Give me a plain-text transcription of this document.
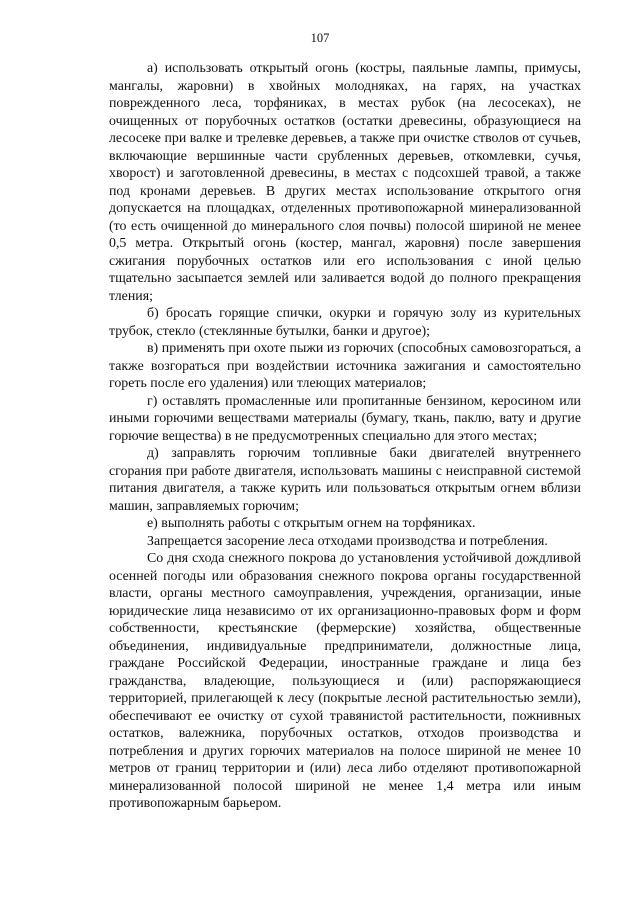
107

а) использовать открытый огонь (костры, паяльные лампы, примусы, мангалы, жаровни) в хвойных молодняках, на гарях, на участках поврежденного леса, торфяниках, в местах рубок (на лесосеках), не очищенных от порубочных остатков (остатки древесины, образующиеся на лесосеке при валке и трелевке деревьев, а также при очистке стволов от сучьев, включающие вершинные части срубленных деревьев, откомлевки, сучья, хворост) и заготовленной древесины, в местах с подсохшей травой, а также под кронами деревьев. В других местах использование открытого огня допускается на площадках, отделенных противопожарной минерализованной (то есть очищенной до минерального слоя почвы) полосой шириной не менее 0,5 метра. Открытый огонь (костер, мангал, жаровня) после завершения сжигания порубочных остатков или его использования с иной целью тщательно засыпается землей или заливается водой до полного прекращения тления;

б) бросать горящие спички, окурки и горячую золу из курительных трубок, стекло (стеклянные бутылки, банки и другое);

в) применять при охоте пыжи из горючих (способных самовозгораться, а также возгораться при воздействии источника зажигания и самостоятельно гореть после его удаления) или тлеющих материалов;

г) оставлять промасленные или пропитанные бензином, керосином или иными горючими веществами материалы (бумагу, ткань, паклю, вату и другие горючие вещества) в не предусмотренных специально для этого местах;

д) заправлять горючим топливные баки двигателей внутреннего сгорания при работе двигателя, использовать машины с неисправной системой питания двигателя, а также курить или пользоваться открытым огнем вблизи машин, заправляемых горючим;

е) выполнять работы с открытым огнем на торфяниках.

Запрещается засорение леса отходами производства и потребления.

Со дня схода снежного покрова до установления устойчивой дождливой осенней погоды или образования снежного покрова органы государственной власти, органы местного самоуправления, учреждения, организации, иные юридические лица независимо от их организационно-правовых форм и форм собственности, крестьянские (фермерские) хозяйства, общественные объединения, индивидуальные предприниматели, должностные лица, граждане Российской Федерации, иностранные граждане и лица без гражданства, владеющие, пользующиеся и (или) распоряжающиеся территорией, прилегающей к лесу (покрытые лесной растительностью земли), обеспечивают ее очистку от сухой травянистой растительности, пожнивных остатков, валежника, порубочных остатков, отходов производства и потребления и других горючих материалов на полосе шириной не менее 10 метров от границ территории и (или) леса либо отделяют противопожарной минерализованной полосой шириной не менее 1,4 метра или иным противопожарным барьером.
